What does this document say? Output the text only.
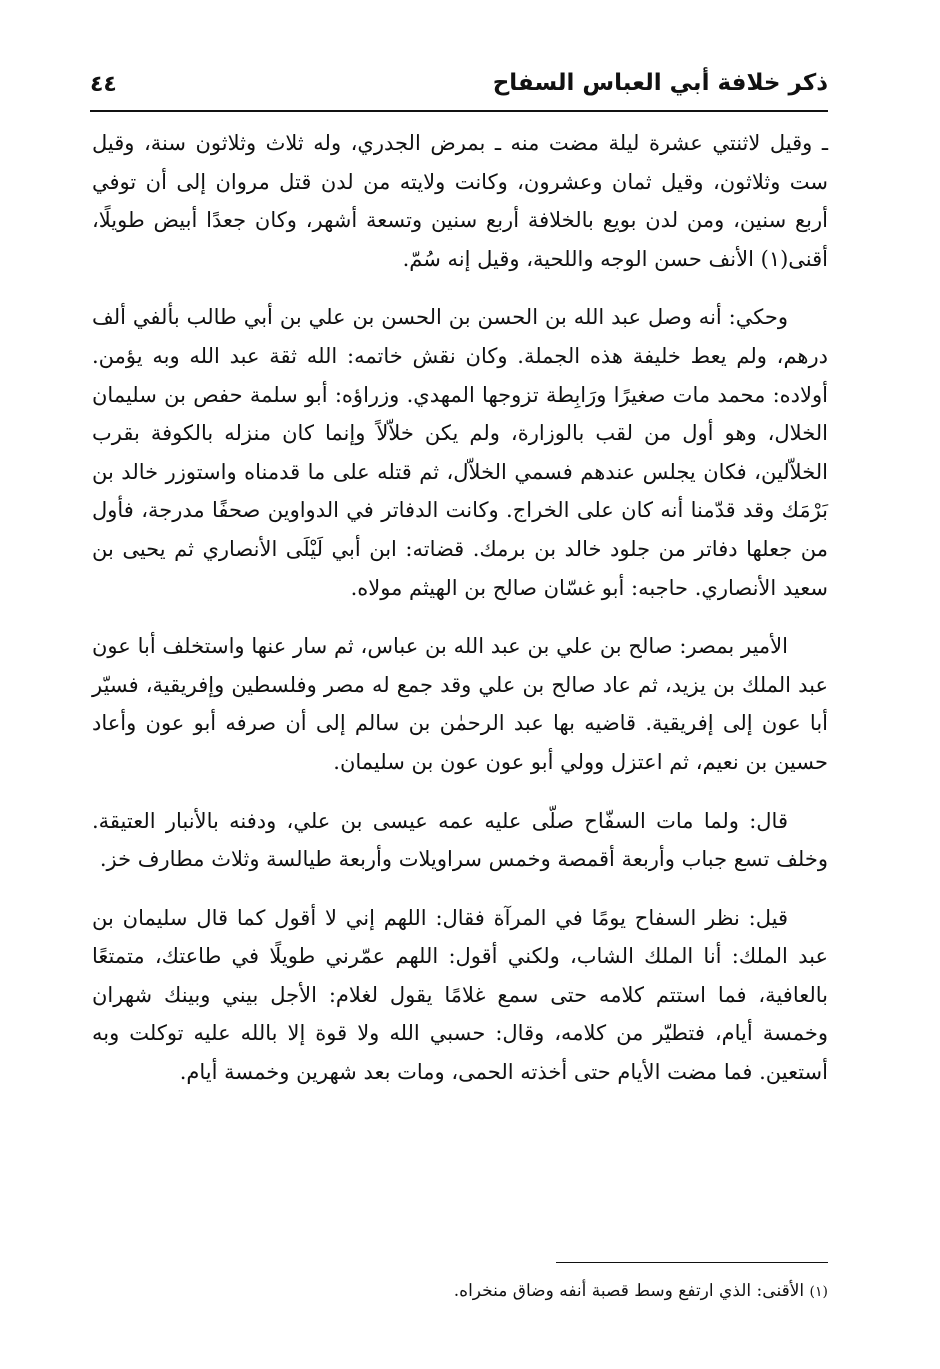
ذكر خلافة أبي العباس السفاح
٤٤

ـ وقيل لاثنتي عشرة ليلة مضت منه ـ بمرض الجدري، وله ثلاث وثلاثون سنة، وقيل ست وثلاثون، وقيل ثمان وعشرون، وكانت ولايته من لدن قتل مروان إلى أن توفي أربع سنين، ومن لدن بويع بالخلافة أربع سنين وتسعة أشهر، وكان جعدًا أبيض طويلًا، أقنى(١) الأنف حسن الوجه واللحية، وقيل إنه سُمّ.

وحكي: أنه وصل عبد الله بن الحسن بن الحسن بن علي بن أبي طالب بألفي ألف درهم، ولم يعط خليفة هذه الجملة. وكان نقش خاتمه: الله ثقة عبد الله وبه يؤمن. أولاده: محمد مات صغيرًا ورَابِطة تزوجها المهدي. وزراؤه: أبو سلمة حفص بن سليمان الخلال، وهو أول من لقب بالوزارة، ولم يكن خلاّلاً وإنما كان منزله بالكوفة بقرب الخلاّلين، فكان يجلس عندهم فسمي الخلاّل، ثم قتله على ما قدمناه واستوزر خالد بن بَرْمَك وقد قدّمنا أنه كان على الخراج. وكانت الدفاتر في الدواوين صحفًا مدرجة، فأول من جعلها دفاتر من جلود خالد بن برمك. قضاته: ابن أبي لَيْلَى الأنصاري ثم يحيى بن سعيد الأنصاري. حاجبه: أبو غسّان صالح بن الهيثم مولاه.

الأمير بمصر: صالح بن علي بن عبد الله بن عباس، ثم سار عنها واستخلف أبا عون عبد الملك بن يزيد، ثم عاد صالح بن علي وقد جمع له مصر وفلسطين وإفريقية، فسيّر أبا عون إلى إفريقية. قاضيه بها عبد الرحمٰن بن سالم إلى أن صرفه أبو عون وأعاد حسين بن نعيم، ثم اعتزل وولي أبو عون عون بن سليمان.

قال: ولما مات السفّاح صلّى عليه عمه عيسى بن علي، ودفنه بالأنبار العتيقة. وخلف تسع جباب وأربعة أقمصة وخمس سراويلات وأربعة طيالسة وثلاث مطارف خز.

قيل: نظر السفاح يومًا في المرآة فقال: اللهم إني لا أقول كما قال سليمان بن عبد الملك: أنا الملك الشاب، ولكني أقول: اللهم عمّرني طويلًا في طاعتك، متمتعًا بالعافية، فما استتم كلامه حتى سمع غلامًا يقول لغلام: الأجل بيني وبينك شهران وخمسة أيام، فتطيّر من كلامه، وقال: حسبي الله ولا قوة إلا بالله عليه توكلت وبه أستعين. فما مضت الأيام حتى أخذته الحمى، ومات بعد شهرين وخمسة أيام.

(١) الأقنى: الذي ارتفع وسط قصبة أنفه وضاق منخراه.
